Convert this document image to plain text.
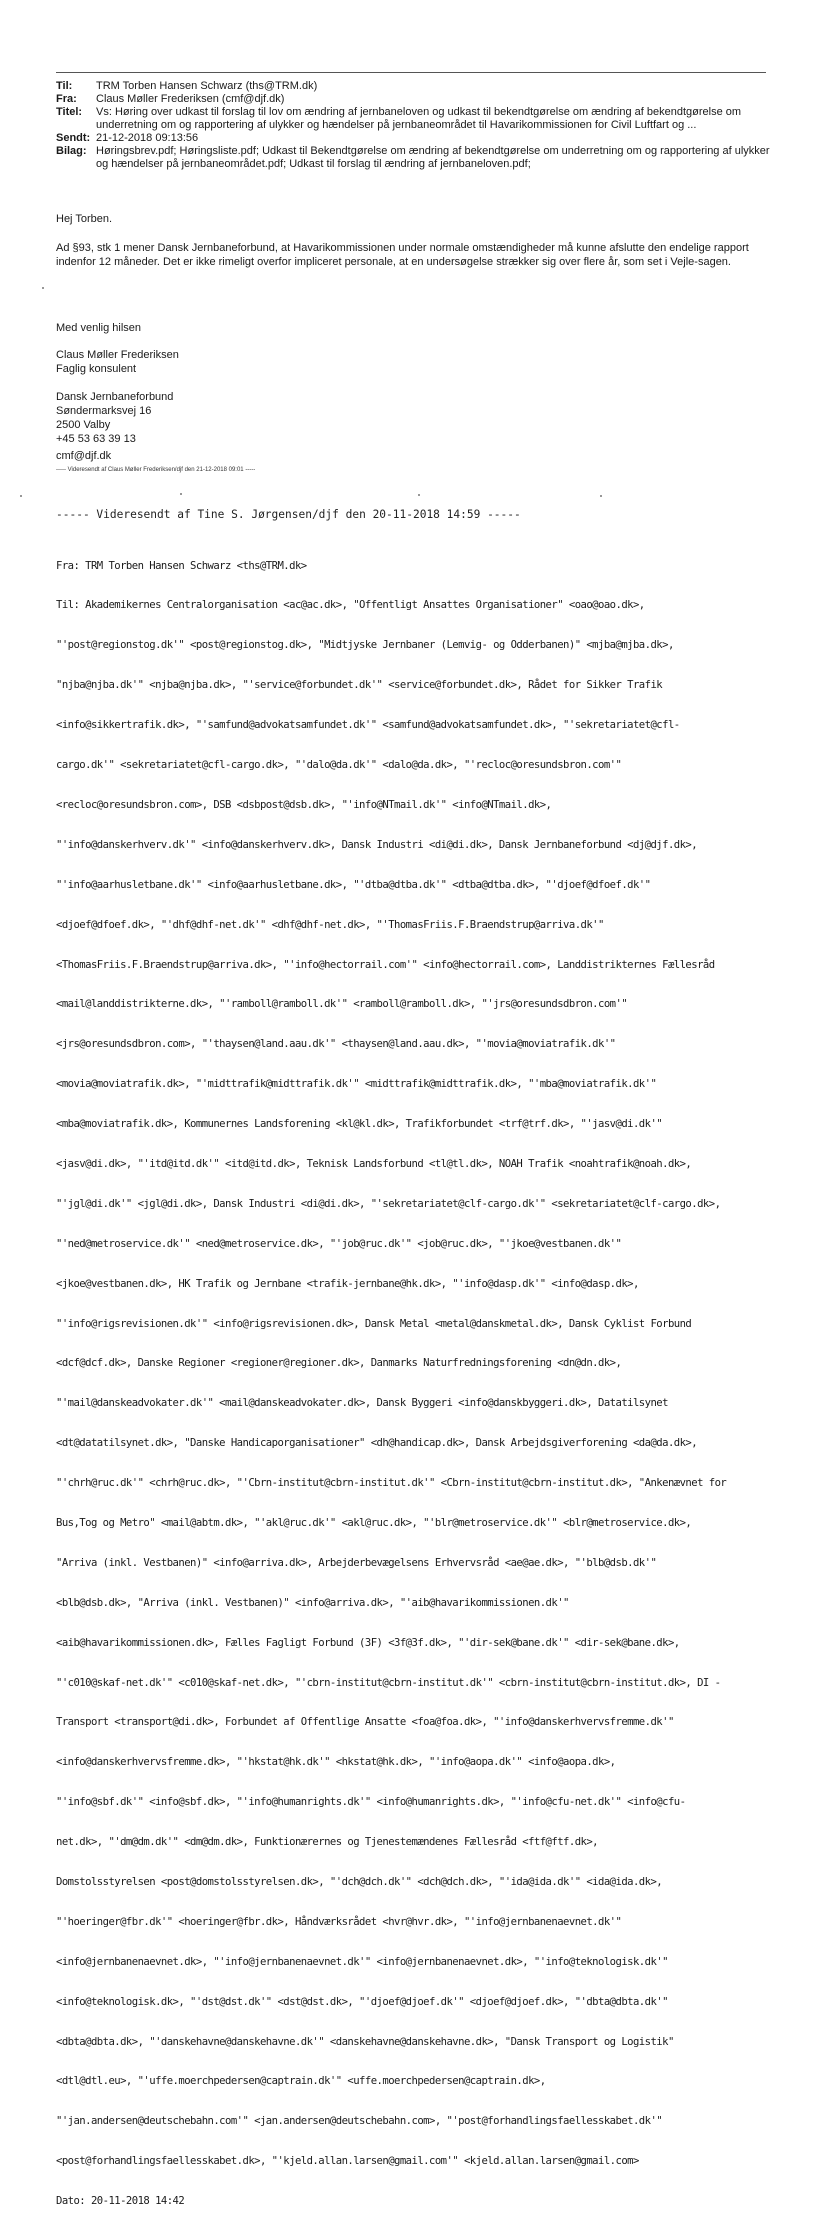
Til:	TRM Torben Hansen Schwarz (ths@TRM.dk)
Fra:	Claus Møller Frederiksen (cmf@djf.dk)
Titel:	Vs: Høring over udkast til forslag til lov om ændring af jernbaneloven og udkast til bekendtgørelse om ændring af bekendtgørelse om underretning om og rapportering af ulykker og hændelser på jernbaneområdet til Havarikommissionen for Civil Luftfart og ...
Sendt: 21-12-2018 09:13:56
Bilag: Høringsbrev.pdf; Høringsliste.pdf; Udkast til Bekendtgørelse om ændring af bekendtgørelse om underretning om og rapportering af ulykker og hændelser på jernbaneområdet.pdf; Udkast til forslag til ændring af jernbaneloven.pdf;
Hej Torben.
Ad §93, stk 1 mener Dansk Jernbaneforbund, at Havarikommissionen under normale omstændigheder må kunne afslutte den endelige rapport indenfor 12 måneder. Det er ikke rimeligt overfor impliceret personale, at en undersøgelse strækker sig over flere år, som set i Vejle-sagen.
Med venlig hilsen

Claus Møller Frederiksen

Faglig konsulent

Dansk Jernbaneforbund

Søndermarksvej 16

2500 Valby

+45 53 63 39 13

cmf@djf.dk

----- Videresendt af Claus Møller Frederiksen/djf den 21-12-2018 09:01 -----
----- Videresendt af Tine S. Jørgensen/djf den 20-11-2018 14:59 -----

Fra: TRM Torben Hansen Schwarz <ths@TRM.dk>

Til: Akademikernes Centralorganisation <ac@ac.dk>, "Offentligt Ansattes Organisationer" <oao@oao.dk>,

"'post@regionstog.dk'" <post@regionstog.dk>, "Midtjyske Jernbaner (Lemvig- og Odderbanen)" <mjba@mjba.dk>,

"njba@njba.dk'" <njba@njba.dk>, "'service@forbundet.dk'" <service@forbundet.dk>, Rådet for Sikker Trafik

<info@sikkertrafik.dk>, "'samfund@advokatsamfundet.dk'" <samfund@advokatsamfundet.dk>, "'sekretariatet@cfl-

cargo.dk'" <sekretariatet@cfl-cargo.dk>, "'dalo@da.dk'" <dalo@da.dk>, "'recloc@oresundsbron.com'"

<recloc@oresundsbron.com>, DSB <dsbpost@dsb.dk>, "'info@NTmail.dk'" <info@NTmail.dk>,

"'info@danskerhverv.dk'" <info@danskerhverv.dk>, Dansk Industri <di@di.dk>, Dansk Jernbaneforbund <dj@djf.dk>,

"'info@aarhusletbane.dk'" <info@aarhusletbane.dk>, "'dtba@dtba.dk'" <dtba@dtba.dk>, "'djoef@dfoef.dk'"

<djoef@dfoef.dk>, "'dhf@dhf-net.dk'" <dhf@dhf-net.dk>, "'ThomasFriis.F.Braendstrup@arriva.dk'"

<ThomasFriis.F.Braendstrup@arriva.dk>, "'info@hectorrail.com'" <info@hectorrail.com>, Landdistrikternes Fællesråd

<mail@landdistrikterne.dk>, "'ramboll@ramboll.dk'" <ramboll@ramboll.dk>, "'jrs@oresundsdbron.com'"

<jrs@oresundsdbron.com>, "'thaysen@land.aau.dk'" <thaysen@land.aau.dk>, "'movia@moviatrafik.dk'"

<movia@moviatrafik.dk>, "'midttrafik@midttrafik.dk'" <midttrafik@midttrafik.dk>, "'mba@moviatrafik.dk'"

<mba@moviatrafik.dk>, Kommunernes Landsforening <kl@kl.dk>, Trafikforbundet <trf@trf.dk>, "'jasv@di.dk'"

<jasv@di.dk>, "'itd@itd.dk'" <itd@itd.dk>, Teknisk Landsforbund <tl@tl.dk>, NOAH Trafik <noahtrafik@noah.dk>,

"'jgl@di.dk'" <jgl@di.dk>, Dansk Industri <di@di.dk>, "'sekretariatet@clf-cargo.dk'" <sekretariatet@clf-cargo.dk>,

"'ned@metroservice.dk'" <ned@metroservice.dk>, "'job@ruc.dk'" <job@ruc.dk>, "'jkoe@vestbanen.dk'"

<jkoe@vestbanen.dk>, HK Trafik og Jernbane <trafik-jernbane@hk.dk>, "'info@dasp.dk'" <info@dasp.dk>,

"'info@rigsrevisionen.dk'" <info@rigsrevisionen.dk>, Dansk Metal <metal@danskmetal.dk>, Dansk Cyklist Forbund

<dcf@dcf.dk>, Danske Regioner <regioner@regioner.dk>, Danmarks Naturfredningsforening <dn@dn.dk>,

"'mail@danskeadvokater.dk'" <mail@danskeadvokater.dk>, Dansk Byggeri <info@danskbyggeri.dk>, Datatilsynet

<dt@datatilsynet.dk>, "Danske Handicaporganisationer" <dh@handicap.dk>, Dansk Arbejdsgiverforening <da@da.dk>,

"'chrh@ruc.dk'" <chrh@ruc.dk>, "'Cbrn-institut@cbrn-institut.dk'" <Cbrn-institut@cbrn-institut.dk>, "Ankenævnet for

Bus,Tog og Metro" <mail@abtm.dk>, "'akl@ruc.dk'" <akl@ruc.dk>, "'blr@metroservice.dk'" <blr@metroservice.dk>,

"Arriva (inkl. Vestbanen)" <info@arriva.dk>, Arbejderbevægelsens Erhvervsråd <ae@ae.dk>, "'blb@dsb.dk'"

<blb@dsb.dk>, "Arriva (inkl. Vestbanen)" <info@arriva.dk>, "'aib@havarikommissionen.dk'"

<aib@havarikommissionen.dk>, Fælles Fagligt Forbund (3F) <3f@3f.dk>, "'dir-sek@bane.dk'" <dir-sek@bane.dk>,

"'c010@skaf-net.dk'" <c010@skaf-net.dk>, "'cbrn-institut@cbrn-institut.dk'" <cbrn-institut@cbrn-institut.dk>, DI -

Transport <transport@di.dk>, Forbundet af Offentlige Ansatte <foa@foa.dk>, "'info@danskerhvervsfremme.dk'"

<info@danskerhvervsfremme.dk>, "'hkstat@hk.dk'" <hkstat@hk.dk>, "'info@aopa.dk'" <info@aopa.dk>,

"'info@sbf.dk'" <info@sbf.dk>, "'info@humanrights.dk'" <info@humanrights.dk>, "'info@cfu-net.dk'" <info@cfu-

net.dk>, "'dm@dm.dk'" <dm@dm.dk>, Funktionærernes og Tjenestemændenes Fællesråd <ftf@ftf.dk>,

Domstolsstyrelsen <post@domstolsstyrelsen.dk>, "'dch@dch.dk'" <dch@dch.dk>, "'ida@ida.dk'" <ida@ida.dk>,

"'hoeringer@fbr.dk'" <hoeringer@fbr.dk>, Håndværksrådet <hvr@hvr.dk>, "'info@jernbanenaevnet.dk'"

<info@jernbanenaevnet.dk>, "'info@jernbanenaevnet.dk'" <info@jernbanenaevnet.dk>, "'info@teknologisk.dk'"

<info@teknologisk.dk>, "'dst@dst.dk'" <dst@dst.dk>, "'djoef@djoef.dk'" <djoef@djoef.dk>, "'dbta@dbta.dk'"

<dbta@dbta.dk>, "'danskehavne@danskehavne.dk'" <danskehavne@danskehavne.dk>, "Dansk Transport og Logistik"

<dtl@dtl.eu>, "'uffe.moerchpedersen@captrain.dk'" <uffe.moerchpedersen@captrain.dk>,

"'jan.andersen@deutschebahn.com'" <jan.andersen@deutschebahn.com>, "'post@forhandlingsfaellesskabet.dk'"

<post@forhandlingsfaellesskabet.dk>, "'kjeld.allan.larsen@gmail.com'" <kjeld.allan.larsen@gmail.com>

Dato: 20-11-2018 14:42
